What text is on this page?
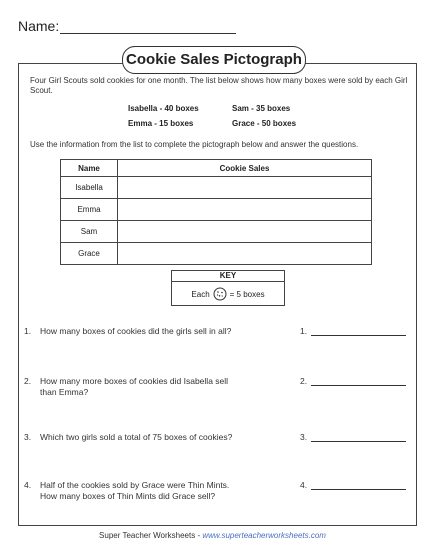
Name:
Cookie Sales Pictograph
Four Girl Scouts sold cookies for one month. The list below shows how many boxes were sold by each Girl Scout.
Isabella - 40 boxes	Sam - 35 boxes
Emma - 15 boxes	Grace - 50 boxes
Use the information from the list to complete the pictograph below and answer the questions.
Name	Cookie Sales
Isabella	
Emma	
Sam	
Grace	
KEY
Each	= 5 boxes
1. How many boxes of cookies did the girls sell in all?	1.
2. How many more boxes of cookies did Isabella sell
than Emma?
2.
3. Which two girls sold a total of 75 boxes of cookies?	3.
4. Half of the cookies sold by Grace were Thin Mints.
How many boxes of Thin Mints did Grace sell?
4.
Super Teacher Worksheets - www.superteacherworksheets.com
